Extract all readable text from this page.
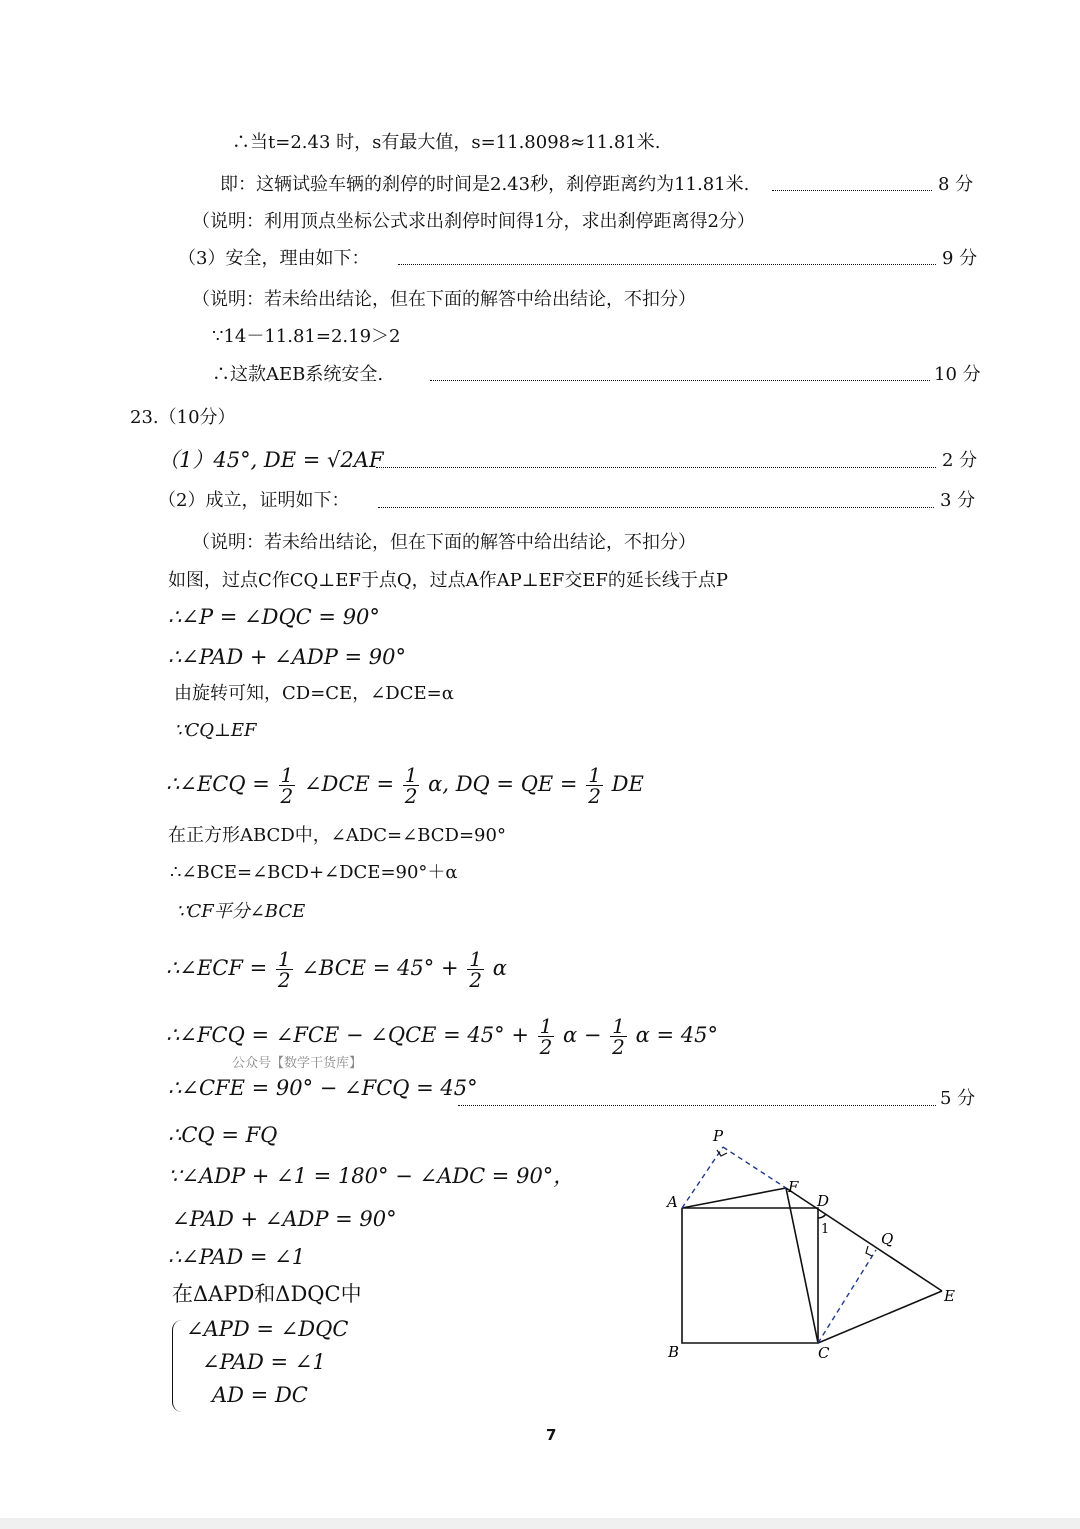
∴当t=2.43 时，s有最大值，s=11.8098≈11.81米.
即：这辆试验车辆的刹停的时间是2.43秒，刹停距离约为11.81米.	8 分
（说明：利用顶点坐标公式求出刹停时间得1分，求出刹停距离得2分）
（3）安全，理由如下：	9 分
（说明：若未给出结论，但在下面的解答中给出结论，不扣分）
∵14－11.81=2.19＞2
∴这款AEB系统安全.	10 分
23.（10分）
（1）45°, DE = √2AF	2 分
（2）成立，证明如下：	3 分
（说明：若未给出结论，但在下面的解答中给出结论，不扣分）
如图，过点C作CQ⊥EF于点Q，过点A作AP⊥EF交EF的延长线于点P
∴∠P = ∠DQC = 90°
∴∠PAD + ∠ADP = 90°
由旋转可知，CD=CE，∠DCE=α
∵CQ⊥EF
∴∠ECQ = $\frac{1}{2}$ ∠DCE = $\frac{1}{2} \alpha$, DQ = QE = $\frac{1}{2}$ DE
在正方形ABCD中，∠ADC=∠BCD=90°
∴∠BCE=∠BCD+∠DCE=90°＋α
∵CF平分∠BCE
∴∠ECF = $\frac{1}{2}$ ∠BCE = $45^\circ + \frac{1}{2}$ α
∴∠FCQ = ∠FCE − ∠QCE = $45^\circ + \frac{1}{2}$ $\alpha - \frac{1}{2}$ α = 45°
公众号【数学干货库】
∴∠CFE = 90° − ∠FCQ = 45°	5 分
∴CQ = FQ
∵∠ADP + ∠1 = 180° − ∠ADC = 90°，
∠PAD + ∠ADP = 90°
∴∠PAD = ∠1
在ΔAPD和ΔDQC中
∠APD = ∠DQC
∠PAD = ∠1
AD = DC
P
A
F
D
1
Q
E
B	C
7
